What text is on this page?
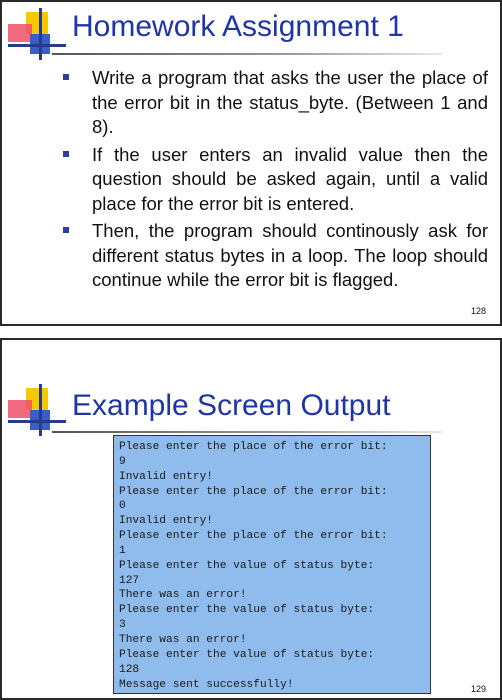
Homework Assignment 1
Write a program that asks the user the place of the error bit in the status_byte. (Between 1 and 8).
If the user enters an invalid value then the question should be asked again, until a valid place for the error bit is entered.
Then, the program should continously ask for different status bytes in a loop. The loop should continue while the error bit is flagged.
128
Example Screen Output
Please enter the place of the error bit:
9
Invalid entry!
Please enter the place of the error bit:
0
Invalid entry!
Please enter the place of the error bit:
1
Please enter the value of status byte:
127
There was an error!
Please enter the value of status byte:
3
There was an error!
Please enter the value of status byte:
128
Message sent successfully!	129
